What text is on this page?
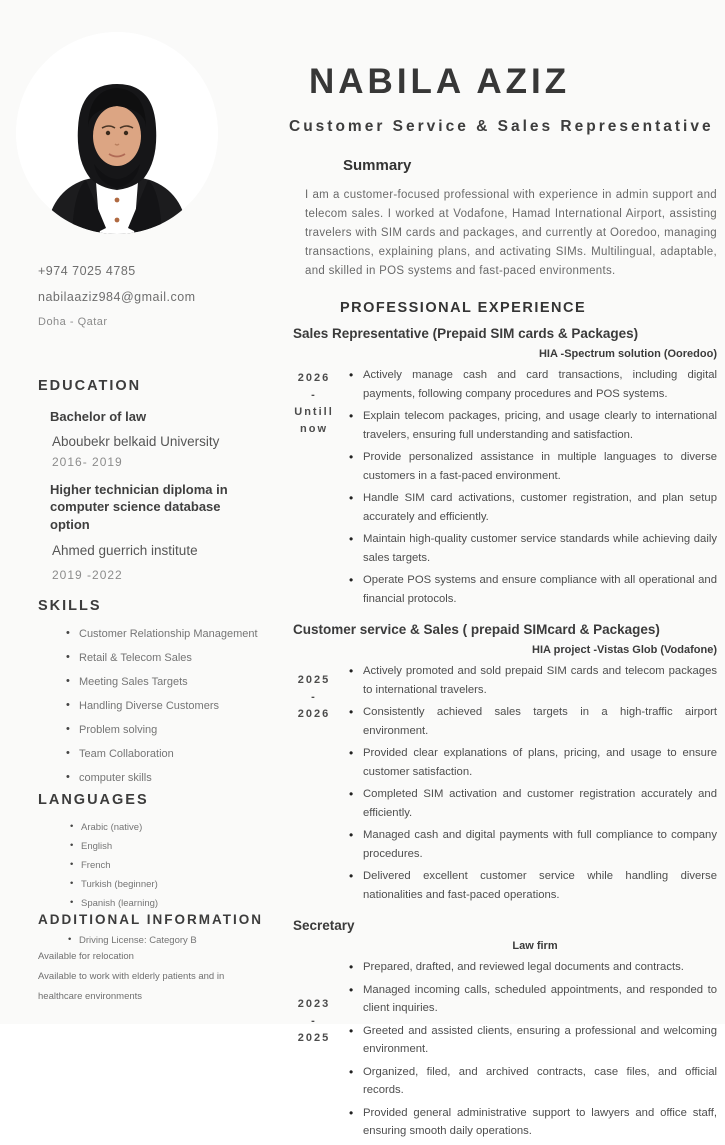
+974 7025 4785
nabilaaziz984@gmail.com
Doha - Qatar
EDUCATION
Bachelor of law
Aboubekr belkaid University
2016- 2019
Higher technician diploma in computer science database option
Ahmed guerrich institute
2019 -2022
SKILLS
• Customer Relationship Management
• Retail & Telecom Sales
• Meeting Sales Targets
• Handling Diverse Customers
• Problem solving
• Team Collaboration
• computer skills
LANGUAGES
• Arabic (native)
• English
• French
• Turkish (beginner)
• Spanish (learning)
ADDITIONAL INFORMATION
• Driving License: Category B

Available for relocation

Available to work with elderly patients and in

healthcare environments

NABILA AZIZ
Customer Service & Sales Representative
Summary

I am a customer-focused professional with experience in admin support and telecom sales. I worked at Vodafone, Hamad International Airport, assisting travelers with SIM cards and packages, and currently at Ooredoo, managing transactions, explaining plans, and activating SIMs. Multilingual, adaptable, and skilled in POS systems and fast-paced environments.

PROFESSIONAL EXPERIENCE
Sales Representative (Prepaid SIM cards & Packages)
HIA -Spectrum solution (Ooredoo)
2026
-
Untill now
• Actively manage cash and card transactions, including digital payments, following company procedures and POS systems.
• Explain telecom packages, pricing, and usage clearly to international travelers, ensuring full understanding and satisfaction.
• Provide personalized assistance in multiple languages to diverse customers in a fast-paced environment.
• Handle SIM card activations, customer registration, and plan setup accurately and efficiently.
• Maintain high-quality customer service standards while achieving daily sales targets.
• Operate POS systems and ensure compliance with all operational and financial protocols.
Customer service & Sales ( prepaid SIMcard & Packages)
HIA project -Vistas Glob (Vodafone)
2025
-
2026
• Actively promoted and sold prepaid SIM cards and telecom packages to international travelers.
• Consistently achieved sales targets in a high-traffic airport environment.
• Provided clear explanations of plans, pricing, and usage to ensure customer satisfaction.
• Completed SIM activation and customer registration accurately and efficiently.
• Managed cash and digital payments with full compliance to company procedures.
• Delivered excellent customer service while handling diverse nationalities and fast-paced operations.
Secretary
Law firm
2023
-
2025
• Prepared, drafted, and reviewed legal documents and contracts.
• Managed incoming calls, scheduled appointments, and responded to client inquiries.
• Greeted and assisted clients, ensuring a professional and welcoming environment.
• Organized, filed, and archived contracts, case files, and official records.
• Provided general administrative support to lawyers and office staff, ensuring smooth daily operations.
